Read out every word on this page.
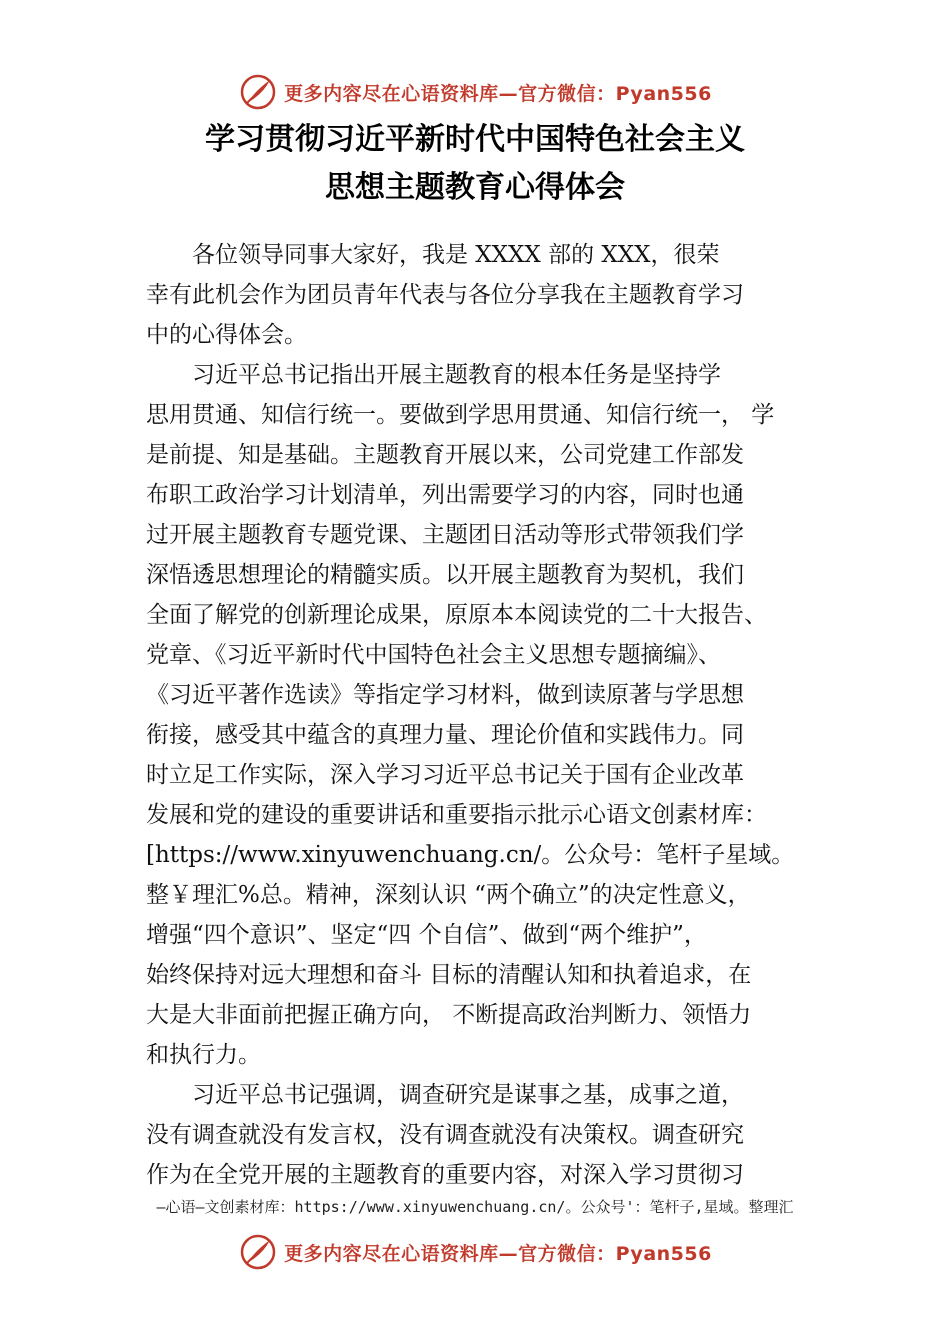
更多内容尽在心语资料库—官方微信：Pyan556
学习贯彻习近平新时代中国特色社会主义
思想主题教育心得体会
各位领导同事大家好，我是 XXXX 部的 XXX，很荣
幸有此机会作为团员青年代表与各位分享我在主题教育学习
中的心得体会。
习近平总书记指出开展主题教育的根本任务是坚持学
思用贯通、知信行统一。要做到学思用贯通、知信行统一， 学
是前提、知是基础。主题教育开展以来，公司党建工作部发
布职工政治学习计划清单，列出需要学习的内容，同时也通
过开展主题教育专题党课、主题团日活动等形式带领我们学
深悟透思想理论的精髓实质。以开展主题教育为契机，我们
全面了解党的创新理论成果，原原本本阅读党的二十大报告、
党章、《习近平新时代中国特色社会主义思想专题摘编》、
《习近平著作选读》等指定学习材料，做到读原著与学思想
衔接，感受其中蕴含的真理力量、理论价值和实践伟力。同
时立足工作实际，深入学习习近平总书记关于国有企业改革
发展和党的建设的重要讲话和重要指示批示心语文创素材库：
[https://www.xinyuwenchuang.cn/。公众号：笔杆子星域。
整￥理汇%总。精神，深刻认识 “两个确立”的决定性意义，
增强“四个意识”、坚定“四 个自信”、做到“两个维护”，
始终保持对远大理想和奋斗 目标的清醒认知和执着追求，在
大是大非面前把握正确方向， 不断提高政治判断力、领悟力
和执行力。
习近平总书记强调，调查研究是谋事之基，成事之道，
没有调查就没有发言权，没有调查就没有决策权。调查研究
作为在全党开展的主题教育的重要内容，对深入学习贯彻习
—心语—文创素材库：https://www.xinyuwenchuang.cn/。公众号'：笔杆子,星域。整理汇
更多内容尽在心语资料库—官方微信：Pyan556
